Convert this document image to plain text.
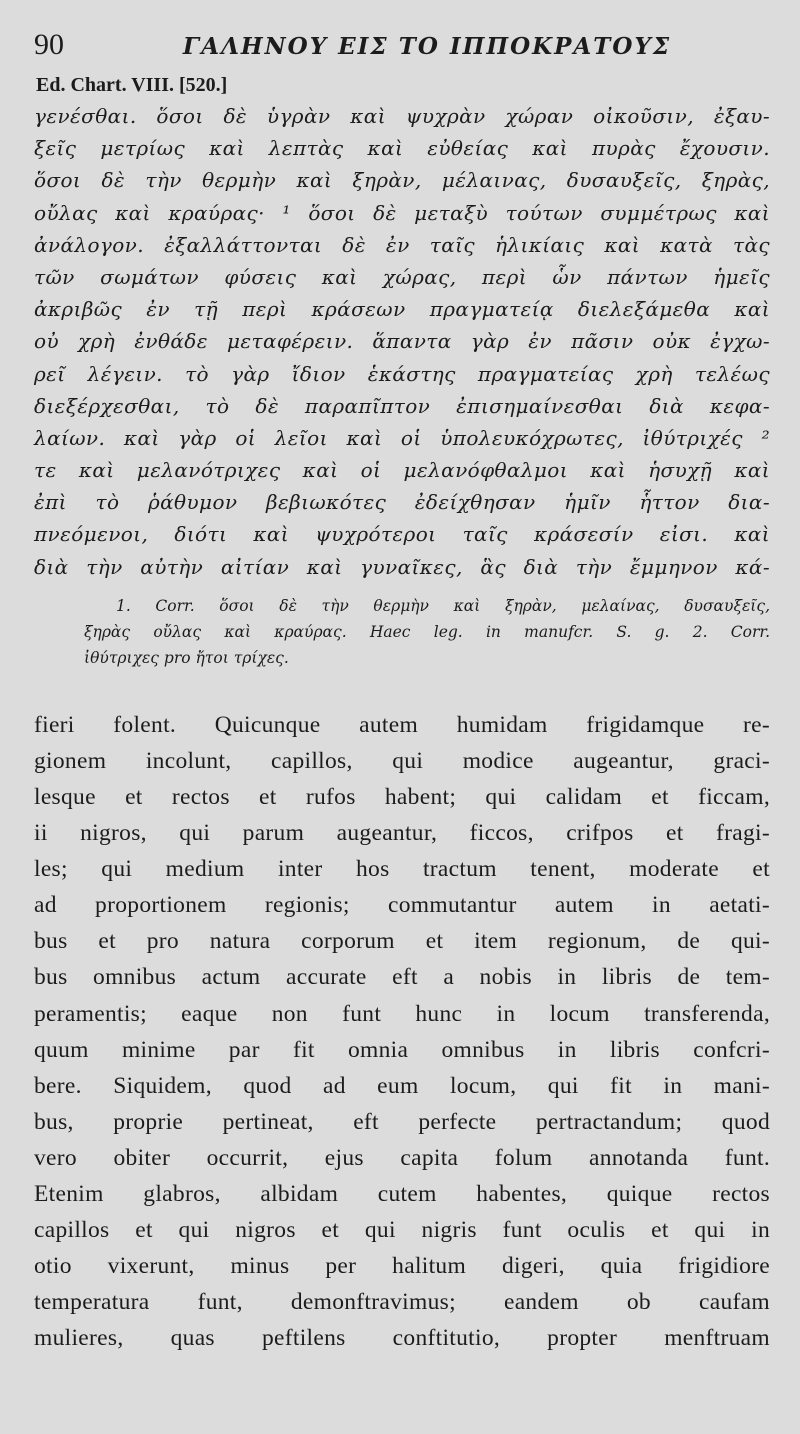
90	ΓΑΛΗΝΟΥ ΕΙΣ ΤΟ ΙΠΠΟΚΡΑΤΟΥΣ
Ed. Chart. VIII. [520.]
γενέσθαι. ὅσοι δὲ ὑγρὰν καὶ ψυχρὰν χώραν οἰκοῦσιν, ἐξαυ-
ξεῖς μετρίως καὶ λεπτὰς καὶ εὐθείας καὶ πυρὰς ἔχουσιν.
ὅσοι δὲ τὴν θερμὴν καὶ ξηρὰν, μέλαινας, δυσαυξεῖς, ξηρὰς,
οὔλας καὶ κραύρας· ¹ ὅσοι δὲ μεταξὺ τούτων συμμέτρως καὶ
ἀνάλογον. ἐξαλλάττονται δὲ ἐν ταῖς ἡλικίαις καὶ κατὰ τὰς
τῶν σωμάτων φύσεις καὶ χώρας, περὶ ὧν πάντων ἡμεῖς
ἀκριβῶς ἐν τῇ περὶ κράσεων πραγματείᾳ διελεξάμεθα καὶ
οὐ χρὴ ἐνθάδε μεταφέρειν. ἅπαντα γὰρ ἐν πᾶσιν οὐκ ἐγχω-
ρεῖ λέγειν. τὸ γὰρ ἴδιον ἑκάστης πραγματείας χρὴ τελέως
διεξέρχεσθαι, τὸ δὲ παραπῖπτον ἐπισημαίνεσθαι διὰ κεφα-
λαίων. καὶ γὰρ οἱ λεῖοι καὶ οἱ ὑπολευκόχρωτες, ἰθύτριχές ²
τε καὶ μελανότριχες καὶ οἱ μελανόφθαλμοι καὶ ἡσυχῇ καὶ
ἐπὶ τὸ ῥάθυμον βεβιωκότες ἐδείχθησαν ἡμῖν ἧττον δια-
πνεόμενοι, διότι καὶ ψυχρότεροι ταῖς κράσεσίν εἰσι. καὶ
διὰ τὴν αὐτὴν αἰτίαν καὶ γυναῖκες, ἃς διὰ τὴν ἔμμηνον κά-
1. Corr. ὅσοι δὲ τὴν θερμὴν καὶ ξηρὰν, μελαίνας, δυσαυξεῖς,
ξηρὰς οὔλας καὶ κραύρας. Haec leg. in manufcr. S. g. 2. Corr.
ἰθύτριχες pro ἤτοι τρίχες.
fieri folent. Quicunque autem humidam frigidamque re-
gionem incolunt, capillos, qui modice augeantur, graci-
lesque et rectos et rufos habent; qui calidam et ficcam,
ii nigros, qui parum augeantur, ficcos, crifpos et fragi-
les; qui medium inter hos tractum tenent, moderate et
ad proportionem regionis; commutantur autem in aetati-
bus et pro natura corporum et item regionum, de qui-
bus omnibus actum accurate eft a nobis in libris de tem-
peramentis; eaque non funt hunc in locum transferenda,
quum minime par fit omnia omnibus in libris confcri-
bere. Siquidem, quod ad eum locum, qui fit in mani-
bus, proprie pertineat, eft perfecte pertractandum; quod
vero obiter occurrit, ejus capita folum annotanda funt.
Etenim glabros, albidam cutem habentes, quique rectos
capillos et qui nigros et qui nigris funt oculis et qui in
otio vixerunt, minus per halitum digeri, quia frigidiore
temperatura funt, demonftravimus; eandem ob caufam
mulieres, quas peftilens conftitutio, propter menftruam
